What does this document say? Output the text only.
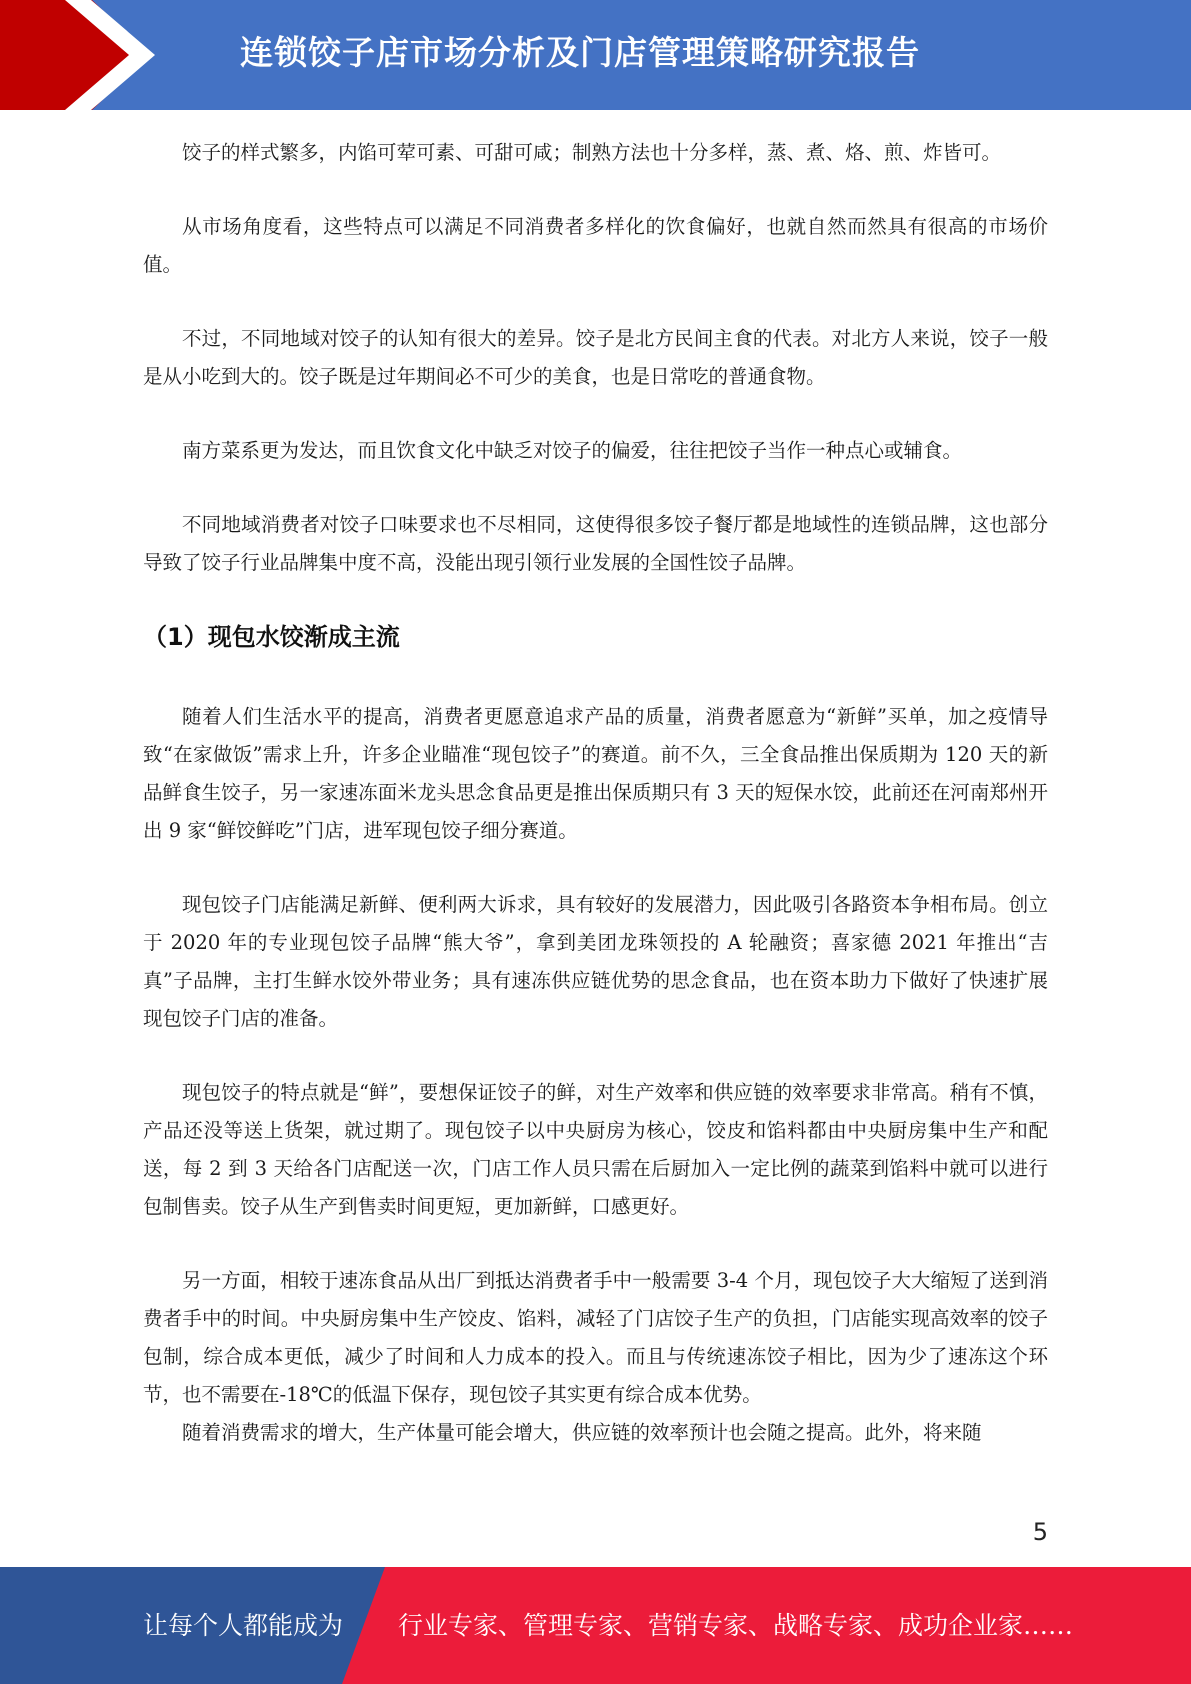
连锁饺子店市场分析及门店管理策略研究报告

饺子的样式繁多，内馅可荤可素、可甜可咸；制熟方法也十分多样，蒸、煮、烙、煎、炸皆可。

从市场角度看，这些特点可以满足不同消费者多样化的饮食偏好，也就自然而然具有很高的市场价值。

不过，不同地域对饺子的认知有很大的差异。饺子是北方民间主食的代表。对北方人来说，饺子一般是从小吃到大的。饺子既是过年期间必不可少的美食，也是日常吃的普通食物。

南方菜系更为发达，而且饮食文化中缺乏对饺子的偏爱，往往把饺子当作一种点心或辅食。

不同地域消费者对饺子口味要求也不尽相同，这使得很多饺子餐厅都是地域性的连锁品牌，这也部分导致了饺子行业品牌集中度不高，没能出现引领行业发展的全国性饺子品牌。

（1）现包水饺渐成主流

随着人们生活水平的提高，消费者更愿意追求产品的质量，消费者愿意为“新鲜”买单，加之疫情导致“在家做饭”需求上升，许多企业瞄准“现包饺子”的赛道。前不久，三全食品推出保质期为 120 天的新品鲜食生饺子，另一家速冻面米龙头思念食品更是推出保质期只有 3 天的短保水饺，此前还在河南郑州开出 9 家“鲜饺鲜吃”门店，进军现包饺子细分赛道。

现包饺子门店能满足新鲜、便利两大诉求，具有较好的发展潜力，因此吸引各路资本争相布局。创立于 2020 年的专业现包饺子品牌“熊大爷”，拿到美团龙珠领投的 A 轮融资；喜家德 2021 年推出“吉真”子品牌，主打生鲜水饺外带业务；具有速冻供应链优势的思念食品，也在资本助力下做好了快速扩展现包饺子门店的准备。

现包饺子的特点就是“鲜”，要想保证饺子的鲜，对生产效率和供应链的效率要求非常高。稍有不慎，产品还没等送上货架，就过期了。现包饺子以中央厨房为核心，饺皮和馅料都由中央厨房集中生产和配送，每 2 到 3 天给各门店配送一次，门店工作人员只需在后厨加入一定比例的蔬菜到馅料中就可以进行包制售卖。饺子从生产到售卖时间更短，更加新鲜，口感更好。

另一方面，相较于速冻食品从出厂到抵达消费者手中一般需要 3-4 个月，现包饺子大大缩短了送到消费者手中的时间。中央厨房集中生产饺皮、馅料，减轻了门店饺子生产的负担，门店能实现高效率的饺子包制，综合成本更低，减少了时间和人力成本的投入。而且与传统速冻饺子相比，因为少了速冻这个环节，也不需要在-18℃的低温下保存，现包饺子其实更有综合成本优势。

随着消费需求的增大，生产体量可能会增大，供应链的效率预计也会随之提高。此外，将来随

5
让每个人都能成为 行业专家、管理专家、营销专家、战略专家、成功企业家……
